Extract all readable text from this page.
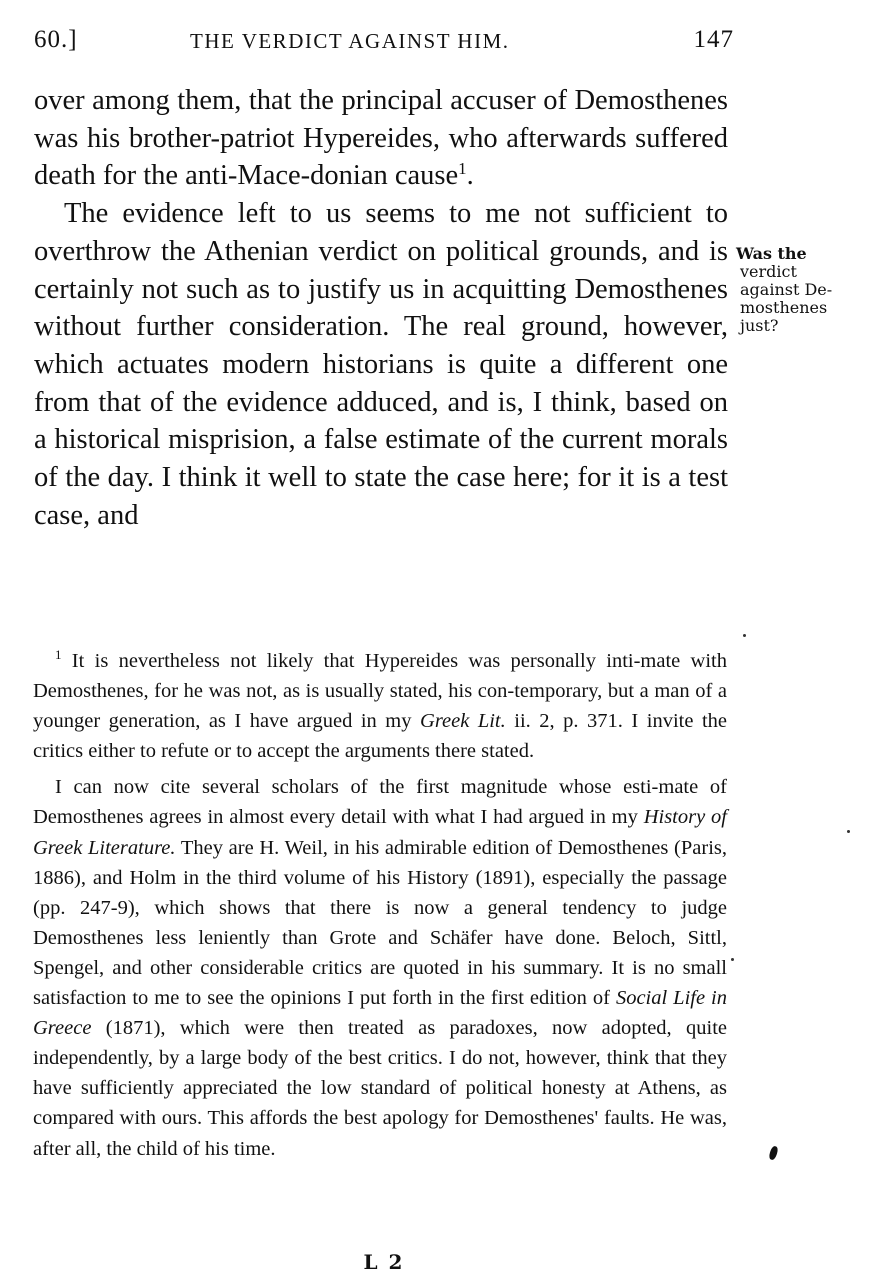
60.]	THE VERDICT AGAINST HIM.	147

over among them, that the principal accuser of Demosthenes was his brother-patriot Hypereides, who afterwards suffered death for the anti-Mace-donian cause$^1$.

The evidence left to us seems to me not sufficient to overthrow the Athenian verdict on political grounds, and is certainly not such as to justify us in acquitting Demosthenes without further consideration. The real ground, however, which actuates modern historians is quite a different one from that of the evidence adduced, and is, I think, based on a historical misprision, a false estimate of the current morals of the day. I think it well to state the case here; for it is a test case, and

Was the
verdict
against De-
mosthenes
just?

$^1$ It is nevertheless not likely that Hypereides was personally inti-mate with Demosthenes, for he was not, as is usually stated, his con-temporary, but a man of a younger generation, as I have argued in my Greek Lit. ii. 2, p. 371. I invite the critics either to refute or to accept the arguments there stated.

I can now cite several scholars of the first magnitude whose esti-mate of Demosthenes agrees in almost every detail with what I had argued in my History of Greek Literature. They are H. Weil, in his admirable edition of Demosthenes (Paris, 1886), and Holm in the third volume of his History (1891), especially the passage (pp. 247-9), which shows that there is now a general tendency to judge Demosthenes less leniently than Grote and Schäfer have done. Beloch, Sittl, Spengel, and other considerable critics are quoted in his summary. It is no small satisfaction to me to see the opinions I put forth in the first edition of Social Life in Greece (1871), which were then treated as paradoxes, now adopted, quite independently, by a large body of the best critics. I do not, however, think that they have sufficiently appreciated the low standard of political honesty at Athens, as compared with ours. This affords the best apology for Demosthenes' faults. He was, after all, the child of his time.

L 2
